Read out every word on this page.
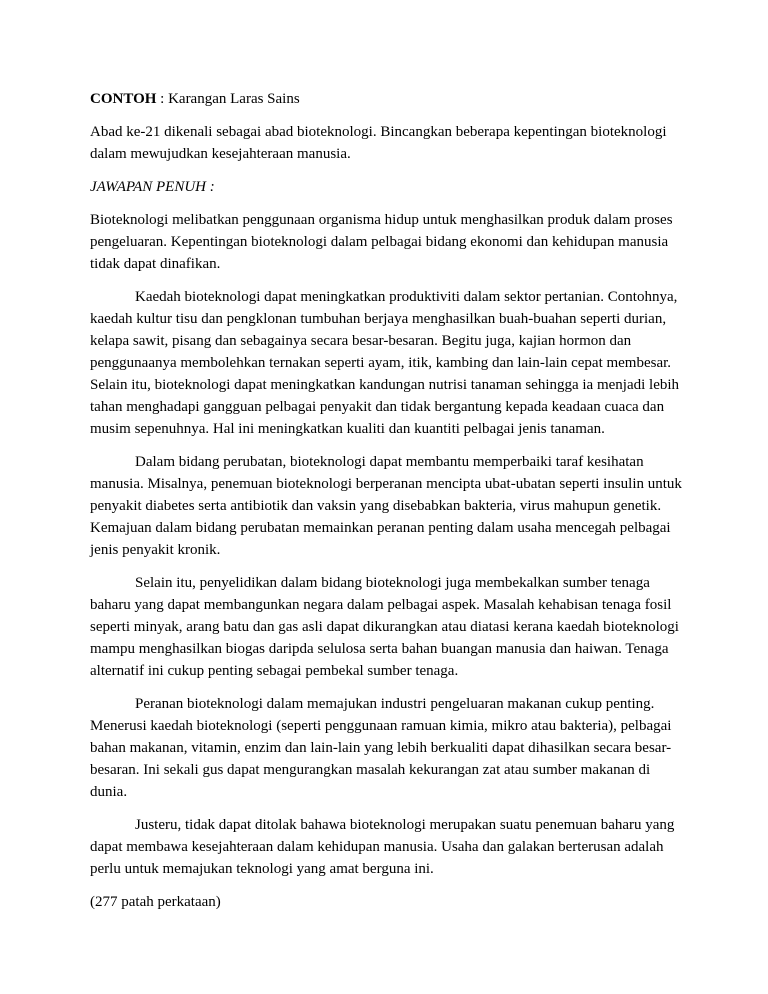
CONTOH : Karangan Laras Sains

Abad ke-21 dikenali sebagai abad bioteknologi. Bincangkan beberapa kepentingan bioteknologi dalam mewujudkan kesejahteraan manusia.

JAWAPAN PENUH :

Bioteknologi melibatkan penggunaan organisma hidup untuk menghasilkan produk dalam proses pengeluaran. Kepentingan bioteknologi dalam pelbagai bidang ekonomi dan kehidupan manusia tidak dapat dinafikan.

Kaedah bioteknologi dapat meningkatkan produktiviti dalam sektor pertanian. Contohnya, kaedah kultur tisu dan pengklonan tumbuhan berjaya menghasilkan buah-buahan seperti durian, kelapa sawit, pisang dan sebagainya secara besar-besaran. Begitu juga, kajian hormon dan penggunaanya membolehkan ternakan seperti ayam, itik, kambing dan lain-lain cepat membesar. Selain itu, bioteknologi dapat meningkatkan kandungan nutrisi tanaman sehingga ia menjadi lebih tahan menghadapi gangguan pelbagai penyakit dan tidak bergantung kepada keadaan cuaca dan musim sepenuhnya. Hal ini meningkatkan kualiti dan kuantiti pelbagai jenis tanaman.

Dalam bidang perubatan, bioteknologi dapat membantu memperbaiki taraf kesihatan manusia. Misalnya, penemuan bioteknologi berperanan mencipta ubat-ubatan seperti insulin untuk penyakit diabetes serta antibiotik dan vaksin yang disebabkan bakteria, virus mahupun genetik. Kemajuan dalam bidang perubatan memainkan peranan penting dalam usaha mencegah pelbagai jenis penyakit kronik.

Selain itu, penyelidikan dalam bidang bioteknologi juga membekalkan sumber tenaga baharu yang dapat membangunkan negara dalam pelbagai aspek. Masalah kehabisan tenaga fosil seperti minyak, arang batu dan gas asli dapat dikurangkan atau diatasi kerana kaedah bioteknologi mampu menghasilkan biogas daripda selulosa serta bahan buangan manusia dan haiwan. Tenaga alternatif ini cukup penting sebagai pembekal sumber tenaga.

Peranan bioteknologi dalam memajukan industri pengeluaran makanan cukup penting. Menerusi kaedah bioteknologi (seperti penggunaan ramuan kimia, mikro atau bakteria), pelbagai bahan makanan, vitamin, enzim dan lain-lain yang lebih berkualiti dapat dihasilkan secara besar-besaran. Ini sekali gus dapat mengurangkan masalah kekurangan zat atau sumber makanan di dunia.

Justeru, tidak dapat ditolak bahawa bioteknologi merupakan suatu penemuan baharu yang dapat membawa kesejahteraan dalam kehidupan manusia. Usaha dan galakan berterusan adalah perlu untuk memajukan teknologi yang amat berguna ini.

(277 patah perkataan)
